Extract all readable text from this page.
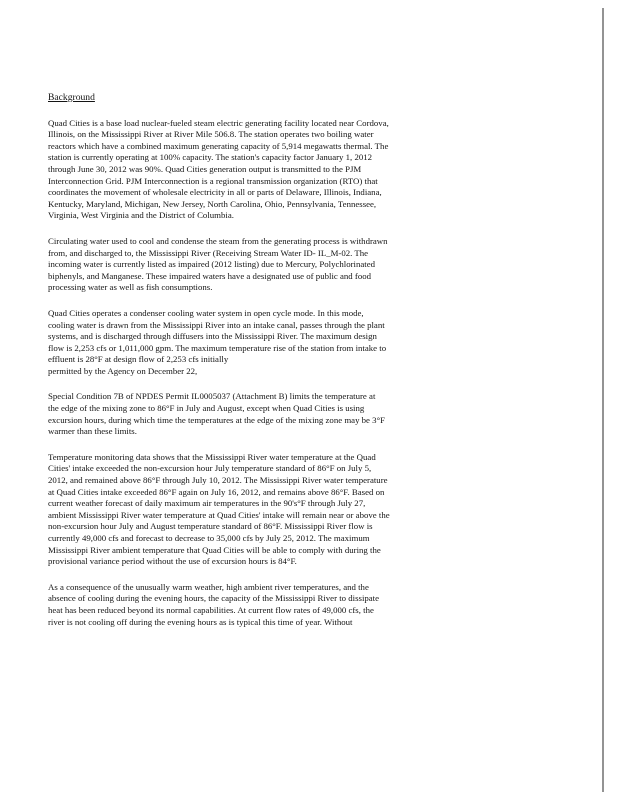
Background
Quad Cities is a base load nuclear-fueled steam electric generating facility located near Cordova,
Illinois, on the Mississippi River at River Mile 506.8. The station operates two boiling water
reactors which have a combined maximum generating capacity of 5,914 megawatts thermal. The
station is currently operating at 100% capacity. The station's capacity factor January 1, 2012
through June 30, 2012 was 90%. Quad Cities generation output is transmitted to the PJM
Interconnection Grid. PJM Interconnection is a regional transmission organization (RTO) that
coordinates the movement of wholesale electricity in all or parts of Delaware, Illinois, Indiana,
Kentucky, Maryland, Michigan, New Jersey, North Carolina, Ohio, Pennsylvania, Tennessee,
Virginia, West Virginia and the District of Columbia.
Circulating water used to cool and condense the steam from the generating process is withdrawn
from, and discharged to, the Mississippi River (Receiving Stream Water ID- IL_M-02. The
incoming water is currently listed as impaired (2012 listing) due to Mercury, Polychlorinated
biphenyls, and Manganese. These impaired waters have a designated use of public and food
processing water as well as fish consumptions.
Quad Cities operates a condenser cooling water system in open cycle mode. In this mode,
cooling water is drawn from the Mississippi River into an intake canal, passes through the plant
systems, and is discharged through diffusers into the Mississippi River. The maximum design
flow is 2,253 cfs or 1,011,000 gpm. The maximum temperature rise of the station from intake to
effluent is 28°F at design flow of 2,253 cfs initially
permitted by the Agency on December 22,
Special Condition 7B of NPDES Permit IL0005037 (Attachment B) limits the temperature at
the edge of the mixing zone to 86°F in July and August, except when Quad Cities is using
excursion hours, during which time the temperatures at the edge of the mixing zone may be 3°F
warmer than these limits.
Temperature monitoring data shows that the Mississippi River water temperature at the Quad
Cities' intake exceeded the non-excursion hour July temperature standard of 86°F on July 5,
2012, and remained above 86°F through July 10, 2012. The Mississippi River water temperature
at Quad Cities intake exceeded 86°F again on July 16, 2012, and remains above 86°F. Based on
current weather forecast of daily maximum air temperatures in the 90's°F through July 27,
ambient Mississippi River water temperature at Quad Cities' intake will remain near or above the
non-excursion hour July and August temperature standard of 86°F. Mississippi River flow is
currently 49,000 cfs and forecast to decrease to 35,000 cfs by July 25, 2012. The maximum
Mississippi River ambient temperature that Quad Cities will be able to comply with during the
provisional variance period without the use of excursion hours is 84°F.
As a consequence of the unusually warm weather, high ambient river temperatures, and the
absence of cooling during the evening hours, the capacity of the Mississippi River to dissipate
heat has been reduced beyond its normal capabilities. At current flow rates of 49,000 cfs, the
river is not cooling off during the evening hours as is typical this time of year. Without
